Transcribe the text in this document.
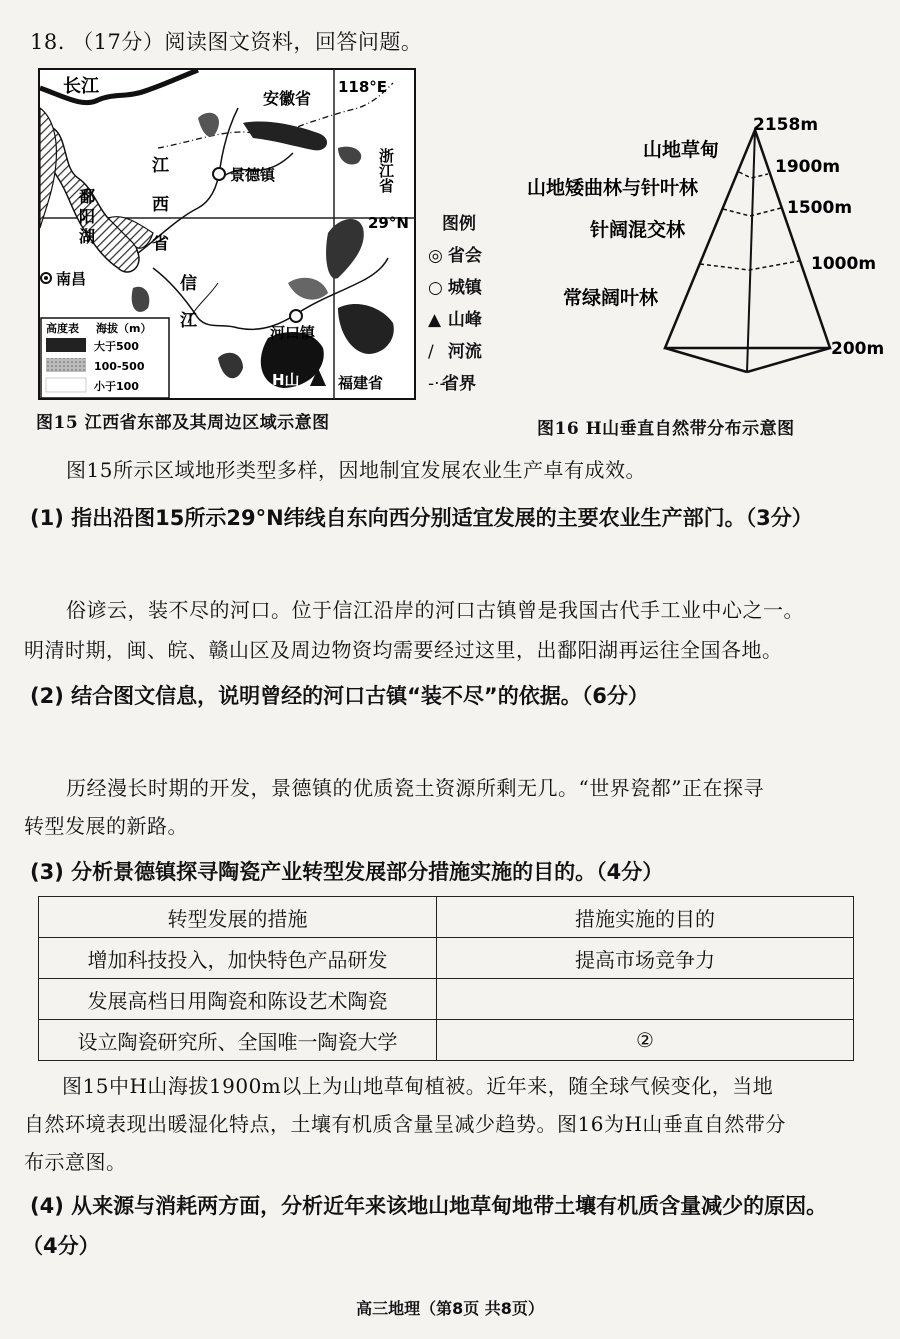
18. （17分）阅读图文资料，回答问题。
长江
安徽省
118°E
浙江省
江西省
鄱阳湖
景德镇
29°N
南昌	信江	河口镇
H山	福建省
高度表 海拔（m）
大于500
100-500
小于100
图例
◎ 省会
○ 城镇
▲ 山峰
∕ 河流
-·-省界
图15 江西省东部及其周边区域示意图
山地草甸
山地矮曲林与针叶林
针阔混交林
常绿阔叶林
2158m
1900m
1500m
1000m
200m
图16 H山垂直自然带分布示意图
图15所示区域地形类型多样，因地制宜发展农业生产卓有成效。
(1) 指出沿图15所示29°N纬线自东向西分别适宜发展的主要农业生产部门。（3分）
俗谚云，装不尽的河口。位于信江沿岸的河口古镇曾是我国古代手工业中心之一。
明清时期，闽、皖、赣山区及周边物资均需要经过这里，出鄱阳湖再运往全国各地。
(2) 结合图文信息，说明曾经的河口古镇“装不尽”的依据。（6分）
历经漫长时期的开发，景德镇的优质瓷土资源所剩无几。“世界瓷都”正在探寻
转型发展的新路。
(3) 分析景德镇探寻陶瓷产业转型发展部分措施实施的目的。（4分）
转型发展的措施	措施实施的目的
增加科技投入，加快特色产品研发	提高市场竞争力
发展高档日用陶瓷和陈设艺术陶瓷	
设立陶瓷研究所、全国唯一陶瓷大学	②
图15中H山海拔1900m以上为山地草甸植被。近年来，随全球气候变化，当地
自然环境表现出暖湿化特点，土壤有机质含量呈减少趋势。图16为H山垂直自然带分
布示意图。
(4) 从来源与消耗两方面，分析近年来该地山地草甸地带土壤有机质含量减少的原因。
（4分）
高三地理（第8页 共8页）
